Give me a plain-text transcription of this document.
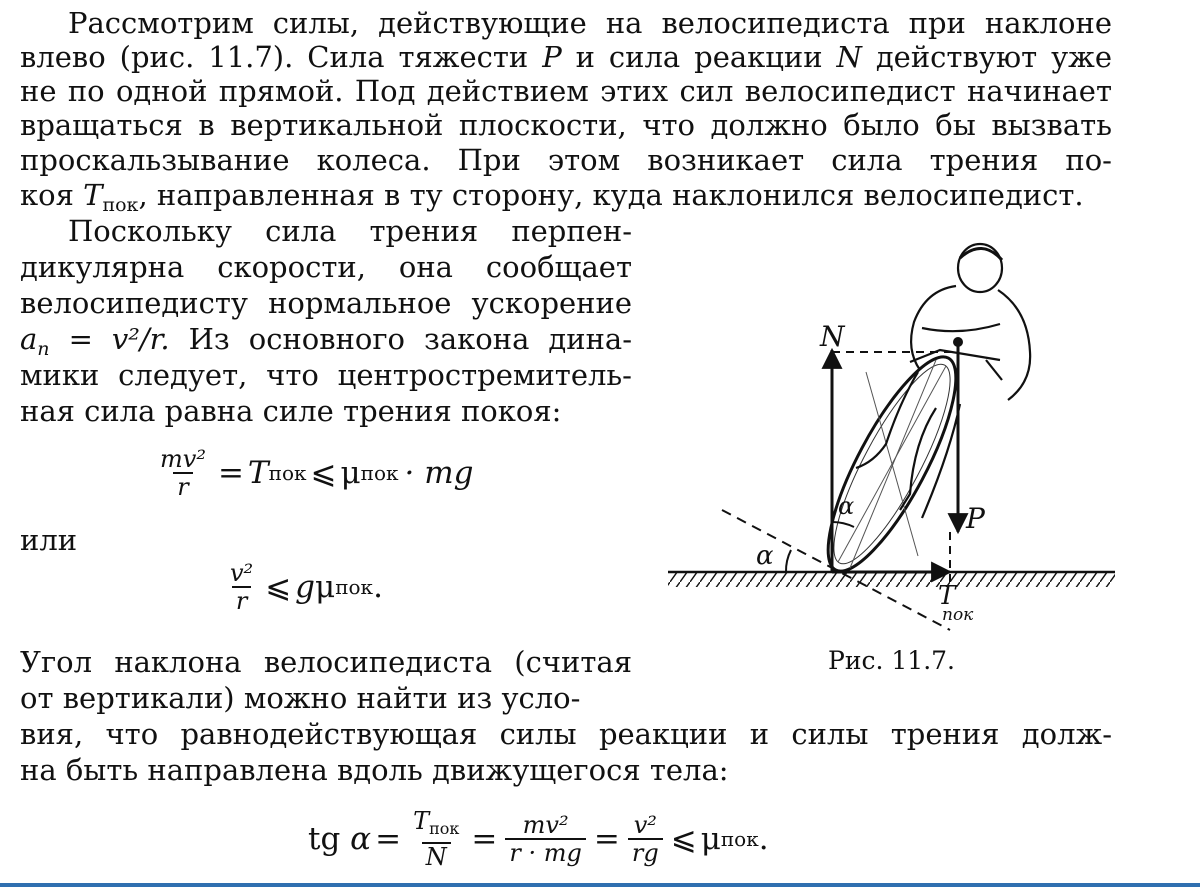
Рассмотрим силы, действующие на велосипедиста при наклоне
влево (рис. 11.7). Сила тяжести P и сила реакции N действуют уже
не по одной прямой. Под действием этих сил велосипедист начинает
вращаться в вертикальной плоскости, что должно было бы вызвать
проскальзывание колеса. При этом возникает сила трения по-
коя $T_{пок}$, направленная в ту сторону, куда наклонился велосипедист.
Поскольку сила трения перпен-
дикулярна скорости, она сообщает
велосипедисту нормальное ускорение
$a_n = v^2/r$. Из основного закона дина-
мики следует, что центростремитель-
ная сила равна силе трения покоя:
$\frac{\text{mv²}}{r} = T$ пок ⩽ μ пок · mg
или
$\frac{\text{v²}}{r}$ ⩽ g μ пок .
Угол наклона велосипедиста (считая
от вертикали) можно найти из усло-
вия, что равнодействующая силы реакции и силы трения долж-
на быть направлена вдоль движущегося тела:
tg
$\alpha = \frac{T_{пок}}{N} = \frac{\text{mv²}}{r \cdot mg} = \frac{\text{v²}}{rg}$ ⩽ μ пок .
N
P
α
α
T
пок
Рис. 11.7.
